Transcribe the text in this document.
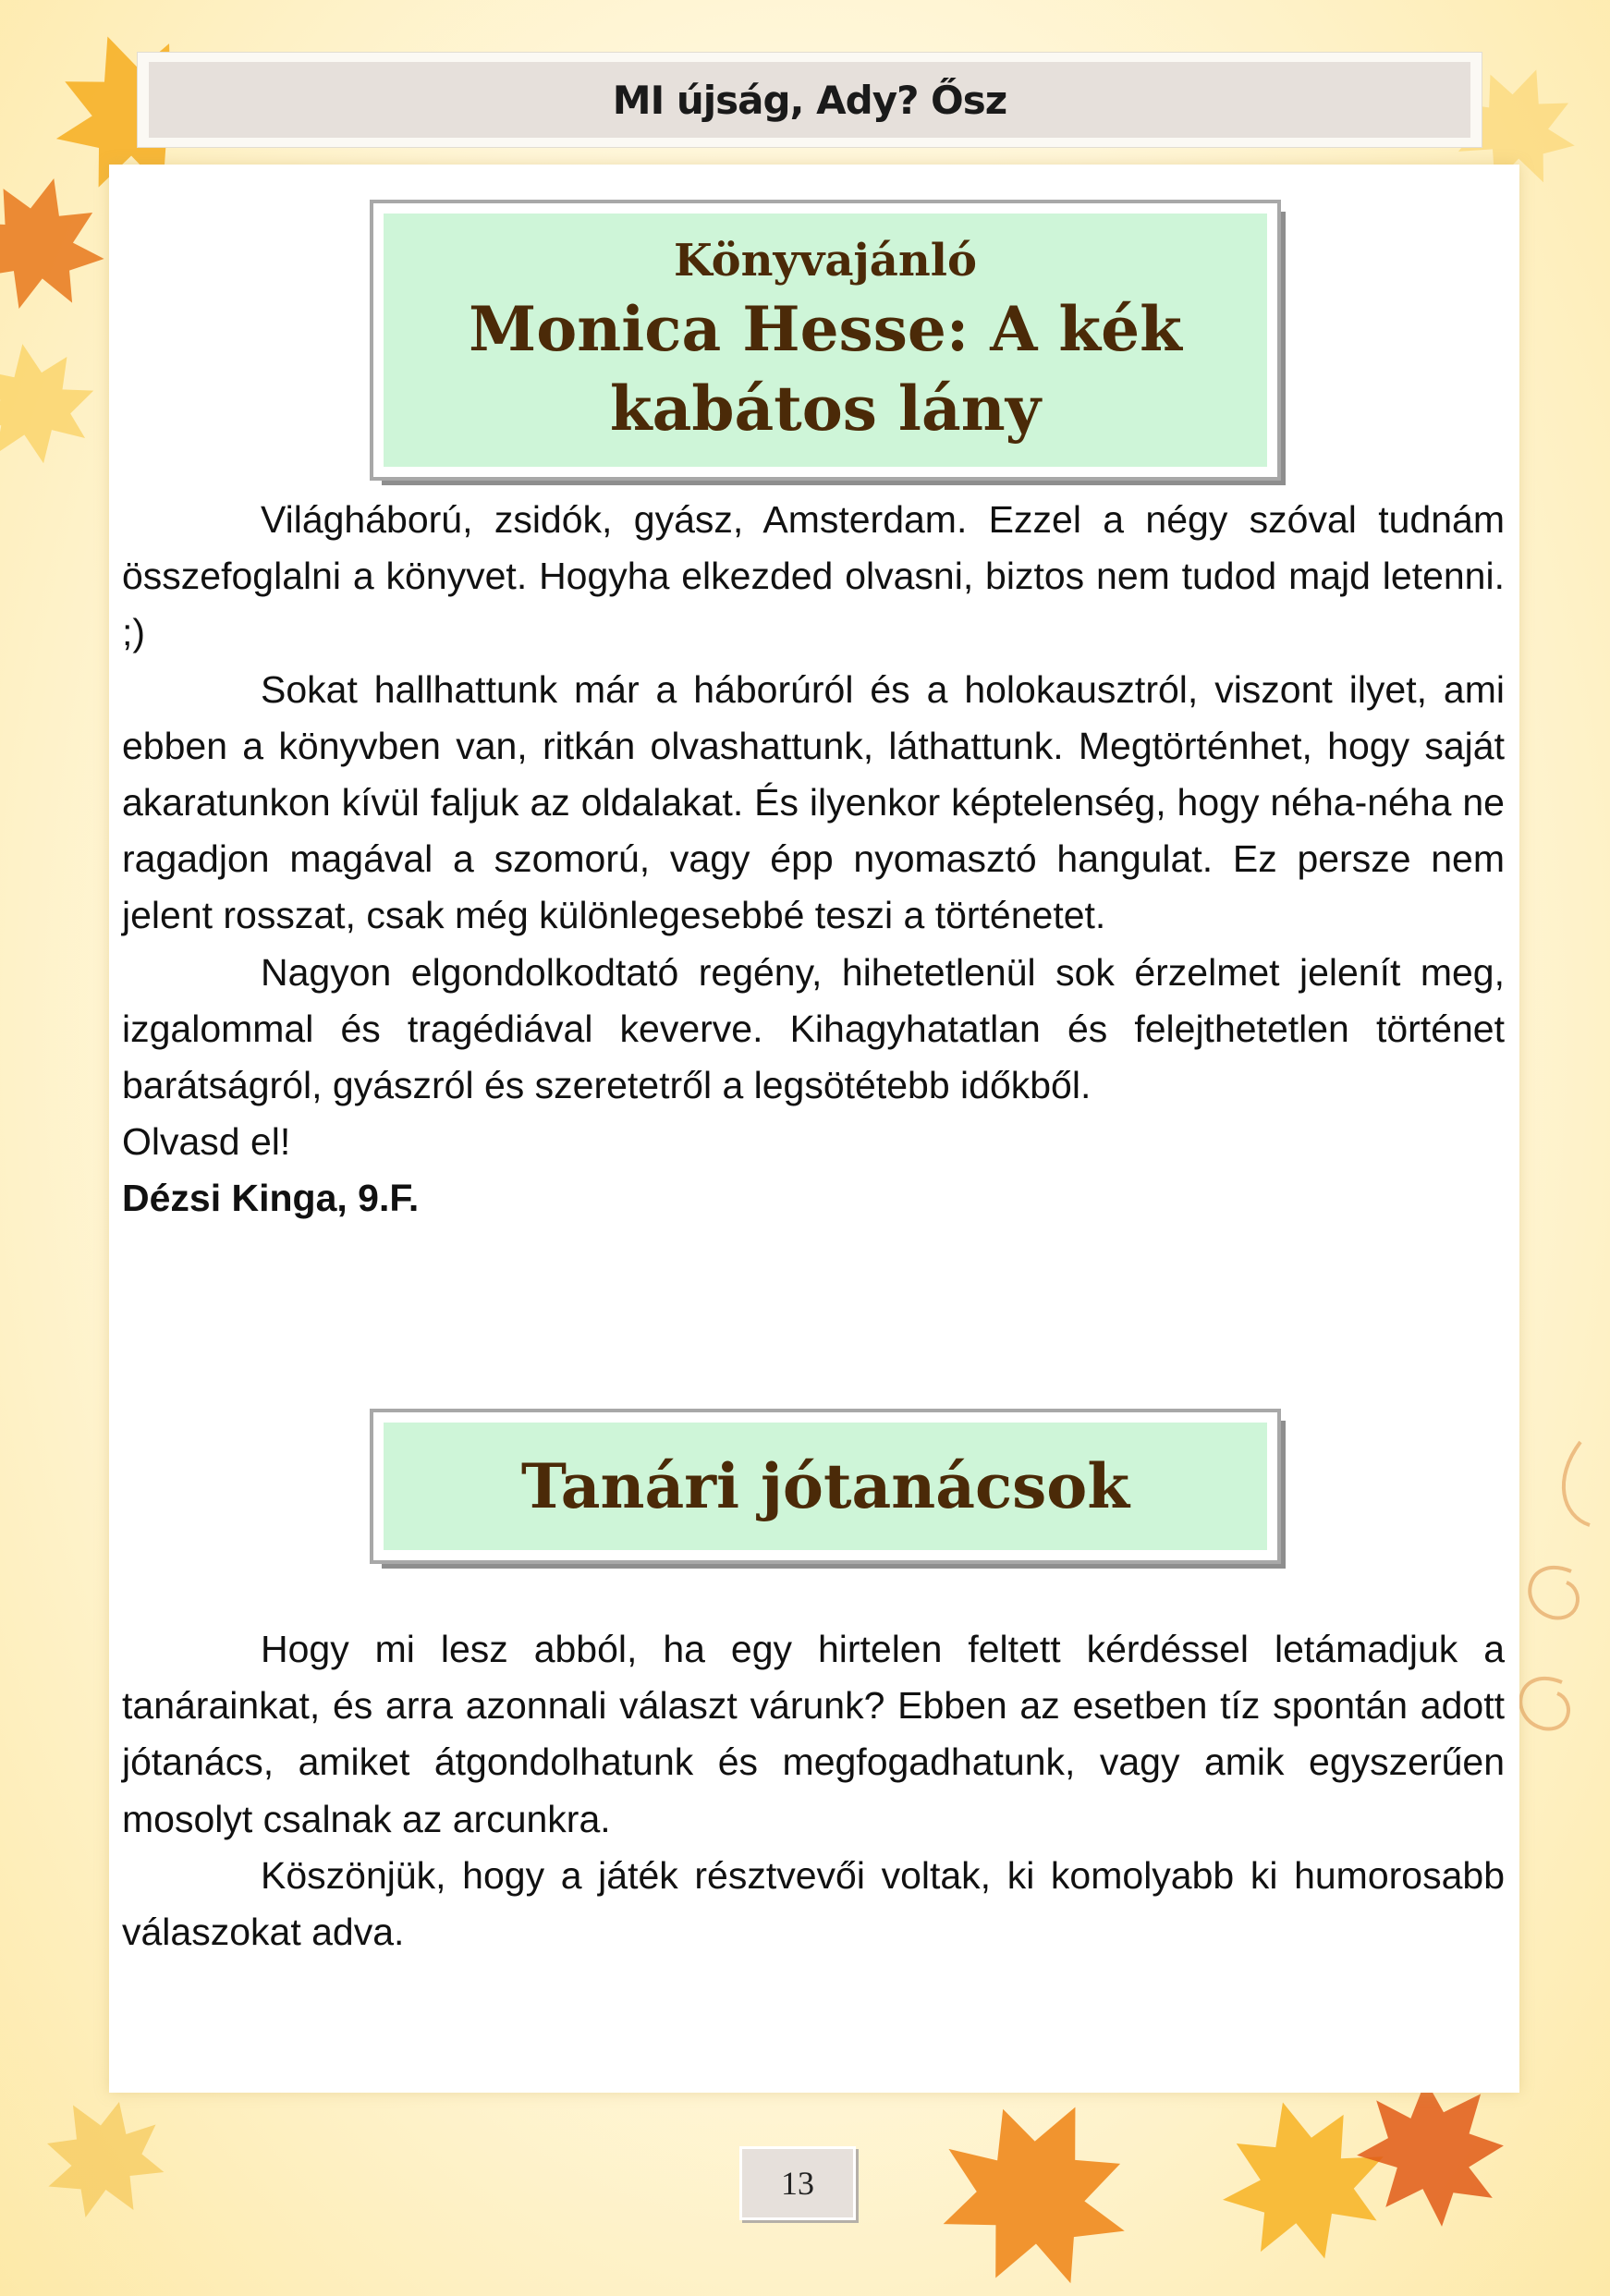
MI újság, Ady? Ősz
Könyvajánló
Monica Hesse: A kék
kabátos lány

Világháború, zsidók, gyász, Amsterdam. Ezzel a négy szóval tudnám összefoglalni a könyvet. Hogyha elkezded olvasni, biztos nem tudod majd letenni. ;)

Sokat hallhattunk már a háborúról és a holokausztról, viszont ilyet, ami ebben a könyvben van, ritkán olvashattunk, láthattunk. Megtörténhet, hogy saját akaratunkon kívül faljuk az oldalakat. És ilyenkor képtelenség, hogy néha-néha ne ragadjon magával a szomorú, vagy épp nyomasztó hangulat. Ez persze nem jelent rosszat, csak még különlegesebbé teszi a történetet.

Nagyon elgondolkodtató regény, hihetetlenül sok érzelmet jelenít meg, izgalommal és tragédiával keverve. Kihagyhatatlan és felejthetetlen történet barátságról, gyászról és szeretetről a legsötétebb időkből.

Olvasd el!

Dézsi Kinga, 9.F.

Tanári jótanácsok

Hogy mi lesz abból, ha egy hirtelen feltett kérdéssel letámadjuk a tanárainkat, és arra azonnali választ várunk? Ebben az esetben tíz spontán adott jótanács, amiket átgondolhatunk és megfogadhatunk, vagy amik egyszerűen mosolyt csalnak az arcunkra.

Köszönjük, hogy a játék résztvevői voltak, ki komolyabb ki humorosabb válaszokat adva.

13
